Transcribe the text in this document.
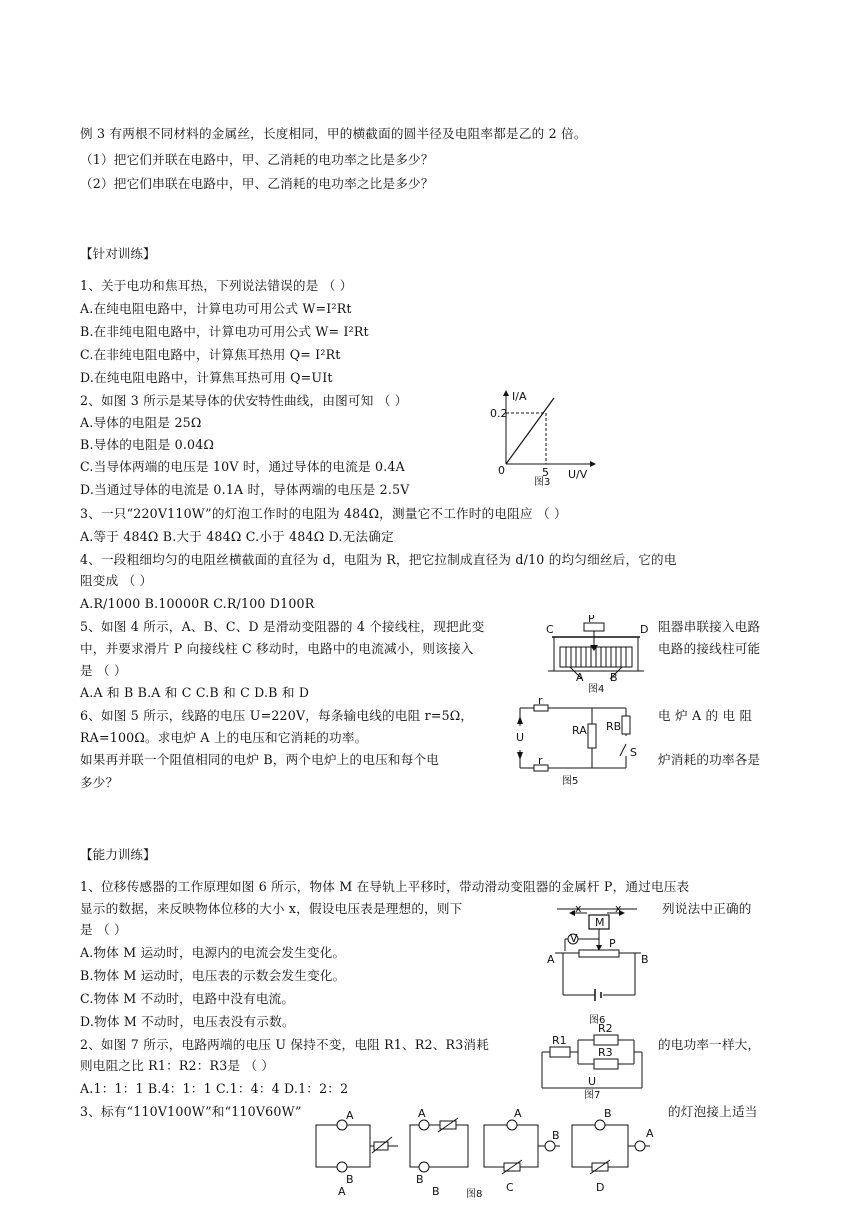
例 3 有两根不同材料的金属丝，长度相同，甲的横截面的圆半径及电阻率都是乙的 2 倍。
（1）把它们并联在电路中，甲、乙消耗的电功率之比是多少？
（2）把它们串联在电路中，甲、乙消耗的电功率之比是多少？
【针对训练】
1、关于电功和焦耳热，下列说法错误的是 （ ）
A.在纯电阻电路中，计算电功可用公式 W=I²Rt
B.在非纯电阻电路中，计算电功可用公式 W= I²Rt
C.在非纯电阻电路中，计算焦耳热用 Q= I²Rt
D.在纯电阻电路中，计算焦耳热可用 Q=UIt
2、如图 3 所示是某导体的伏安特性曲线，由图可知 （ ）
A.导体的电阻是 25Ω
B.导体的电阻是 0.04Ω
C.当导体两端的电压是 10V 时，通过导体的电流是 0.4A
D.当通过导体的电流是 0.1A 时，导体两端的电压是 2.5V
I/A
0.2
0	5 U/V
图3
3、一只“220V110W”的灯泡工作时的电阻为 484Ω，测量它不工作时的电阻应 （ ）
A.等于 484Ω B.大于 484Ω C.小于 484Ω D.无法确定
4、一段粗细均匀的电阻丝横截面的直径为 d，电阻为 R，把它拉制成直径为 d/10 的均匀细丝后，它的电
阻变成 （ ）
A.R/1000 B.10000R C.R/100 D100R
5、如图 4 所示，A、B、C、D 是滑动变阻器的 4 个接线柱，现把此变	阻器串联接入电路
中，并要求滑片 P 向接线柱 C 移动时，电路中的电流减小，则该接入	电路的接线柱可能
是 （ ）
A.A 和 B B.A 和 C C.B 和 C D.B 和 D
P
C	D
A B
图4
6、如图 5 所示，线路的电压 U=220V，每条输电线的电阻 r=5Ω，	电 炉 A 的 电 阻
RA=100Ω。求电炉 A 上的电压和它消耗的功率。
如果再并联一个阻值相同的电炉 B，两个电炉上的电压和每个电	炉消耗的功率各是
多少？
r
r
U
RA RB
S
图5
【能力训练】
1、位移传感器的工作原理如图 6 所示，物体 M 在导轨上平移时，带动滑动变阻器的金属杆 P，通过电压表
显示的数据，来反映物体位移的大小 x，假设电压表是理想的，则下	列说法中正确的
是 （ ）
A.物体 M 运动时，电源内的电流会发生变化。
B.物体 M 运动时，电压表的示数会发生变化。
C.物体 M 不动时，电路中没有电流。
D.物体 M 不动时，电压表没有示数。
M
x	x
V	P
A	B
图6
2、如图 7 所示，电路两端的电压 U 保持不变，电阻 R1、R2、R3消耗	的电功率一样大，
则电阻之比 R1：R2：R3是 （ ）
A.1：1：1 B.4：1：1 C.1：4：4 D.1：2：2
R1
R2
R3
U
图7
3、标有“110V100W”和“110V60W”	的灯泡接上适当
A
B
A
A
B
B
A
B
C
B
A
D
图8
